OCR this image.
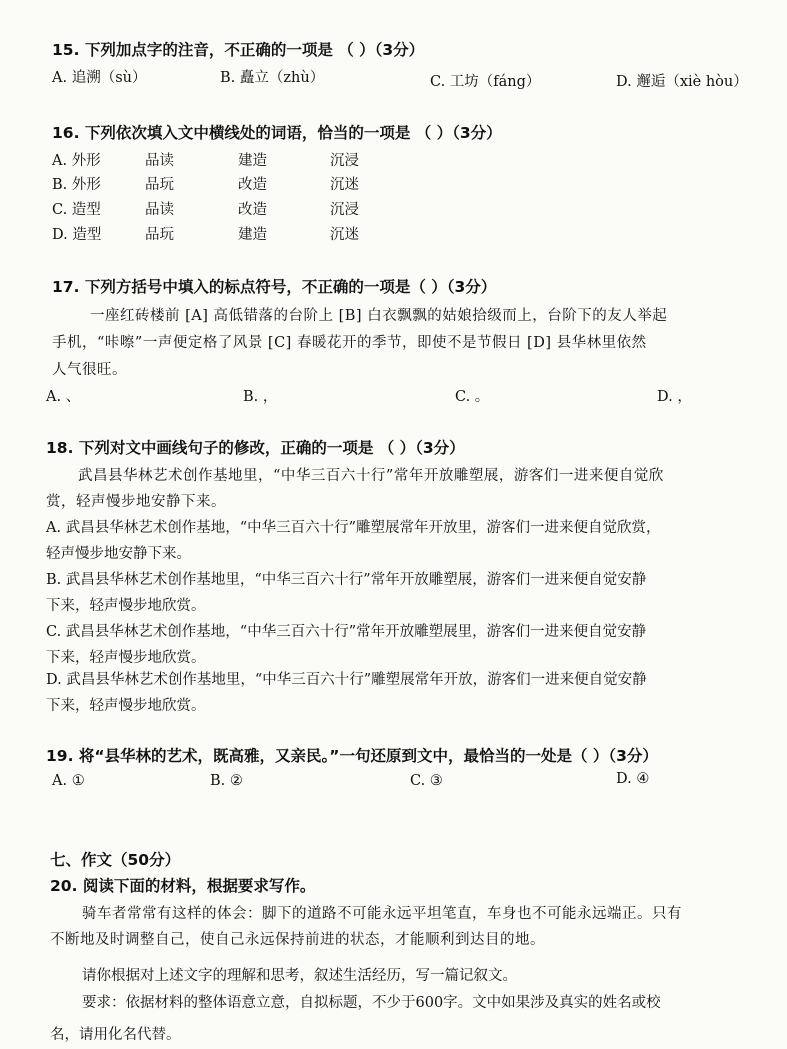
15. 下列加点字的注音，不正确的一项是 （ ）（3分）
A. 追溯（sù）	B. 矗立（zhù）	C. 工坊（fáng）	D. 邂逅（xiè hòu）
16. 下列依次填入文中横线处的词语，恰当的一项是 （ ）（3分）
A. 外形	品读	建造	沉浸
B. 外形	品玩	改造	沉迷
C. 造型	品读	改造	沉浸
D. 造型	品玩	建造	沉迷
17. 下列方括号中填入的标点符号，不正确的一项是（ ）（3分）
一座红砖楼前 [A] 高低错落的台阶上 [B] 白衣飘飘的姑娘拾级而上，台阶下的友人举起
手机，“咔嚓”一声便定格了风景 [C] 春暖花开的季节，即使不是节假日 [D] 县华林里依然
人气很旺。
A. 、	B. ，	C. 。	D. ，
18. 下列对文中画线句子的修改，正确的一项是 （ ）（3分）
武昌县华林艺术创作基地里，“中华三百六十行”常年开放雕塑展，游客们一进来便自觉欣
赏，轻声慢步地安静下来。
A. 武昌县华林艺术创作基地，“中华三百六十行”雕塑展常年开放里，游客们一进来便自觉欣赏，
轻声慢步地安静下来。
B. 武昌县华林艺术创作基地里，“中华三百六十行”常年开放雕塑展，游客们一进来便自觉安静
下来，轻声慢步地欣赏。
C. 武昌县华林艺术创作基地，“中华三百六十行”常年开放雕塑展里，游客们一进来便自觉安静
下来，轻声慢步地欣赏。
D. 武昌县华林艺术创作基地里，“中华三百六十行”雕塑展常年开放，游客们一进来便自觉安静
下来，轻声慢步地欣赏。
19. 将“县华林的艺术，既高雅，又亲民。”一句还原到文中，最恰当的一处是（ ）（3分）
A. ①	B. ②	C. ③	D. ④
七、作文（50分）
20. 阅读下面的材料，根据要求写作。
骑车者常常有这样的体会：脚下的道路不可能永远平坦笔直，车身也不可能永远端正。只有
不断地及时调整自己，使自己永远保持前进的状态，才能顺利到达目的地。
请你根据对上述文字的理解和思考，叙述生活经历，写一篇记叙文。
要求：依据材料的整体语意立意，自拟标题，不少于600字。文中如果涉及真实的姓名或校
名，请用化名代替。
